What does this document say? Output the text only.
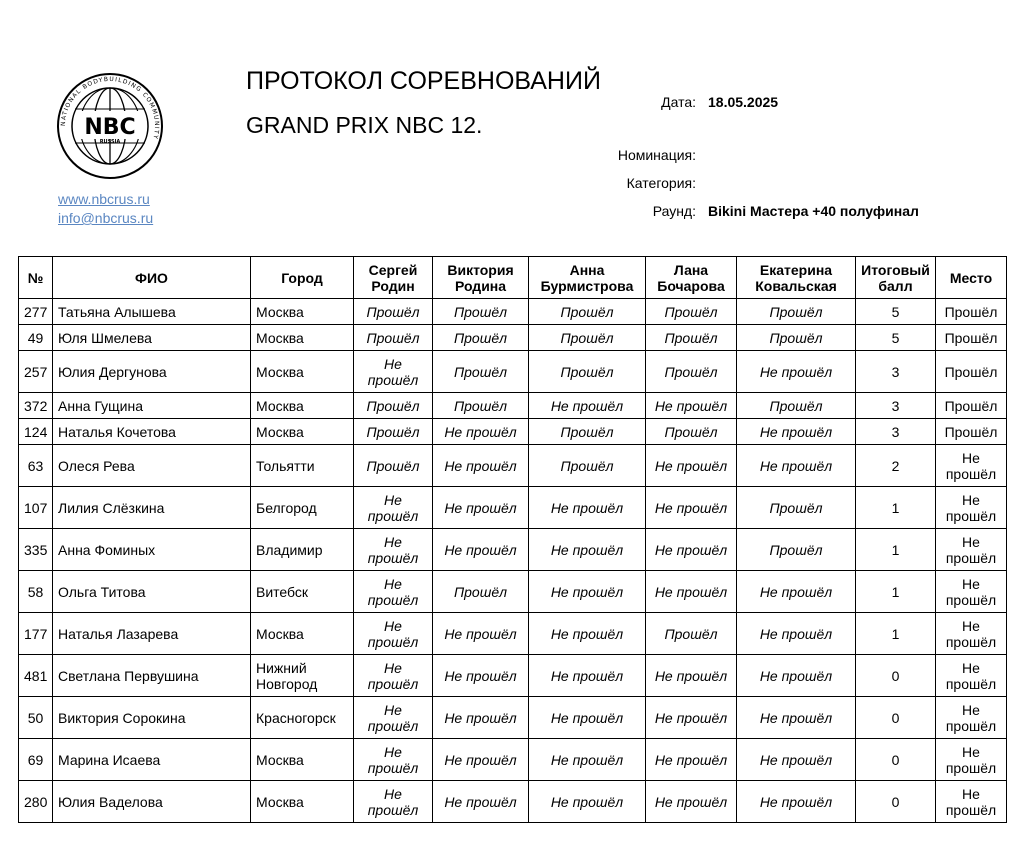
NATIONAL BODYBUILDING COMMUNITY
NBC
RUSSIA
www.nbcrus.ru
info@nbcrus.ru
ПРОТОКОЛ СОРЕВНОВАНИЙ
GRAND PRIX NBC 12.
Дата: 18.05.2025
Номинация:
Категория:
Раунд: Bikini Мастера +40 полуфинал
№	ФИО	Город	Сергей Родин	Виктория Родина	Анна Бурмистрова	Лана Бочарова	Екатерина Ковальская	Итоговый балл	Место
277	Татьяна Алышева	Москва	Прошёл	Прошёл	Прошёл	Прошёл	Прошёл	5	Прошёл
49	Юля Шмелева	Москва	Прошёл	Прошёл	Прошёл	Прошёл	Прошёл	5	Прошёл
257	Юлия Дергунова	Москва	Не прошёл	Прошёл	Прошёл	Прошёл	Не прошёл	3	Прошёл
372	Анна Гущина	Москва	Прошёл	Прошёл	Не прошёл	Не прошёл	Прошёл	3	Прошёл
124	Наталья Кочетова	Москва	Прошёл	Не прошёл	Прошёл	Прошёл	Не прошёл	3	Прошёл
63	Олеся Рева	Тольятти	Прошёл	Не прошёл	Прошёл	Не прошёл	Не прошёл	2	Не прошёл
107	Лилия Слёзкина	Белгород	Не прошёл	Не прошёл	Не прошёл	Не прошёл	Прошёл	1	Не прошёл
335	Анна Фоминых	Владимир	Не прошёл	Не прошёл	Не прошёл	Не прошёл	Прошёл	1	Не прошёл
58	Ольга Титова	Витебск	Не прошёл	Прошёл	Не прошёл	Не прошёл	Не прошёл	1	Не прошёл
177	Наталья Лазарева	Москва	Не прошёл	Не прошёл	Не прошёл	Прошёл	Не прошёл	1	Не прошёл
481	Светлана Первушина	Нижний Новгород	Не прошёл	Не прошёл	Не прошёл	Не прошёл	Не прошёл	0	Не прошёл
50	Виктория Сорокина	Красногорск	Не прошёл	Не прошёл	Не прошёл	Не прошёл	Не прошёл	0	Не прошёл
69	Марина Исаева	Москва	Не прошёл	Не прошёл	Не прошёл	Не прошёл	Не прошёл	0	Не прошёл
280	Юлия Ваделова	Москва	Не прошёл	Не прошёл	Не прошёл	Не прошёл	Не прошёл	0	Не прошёл
